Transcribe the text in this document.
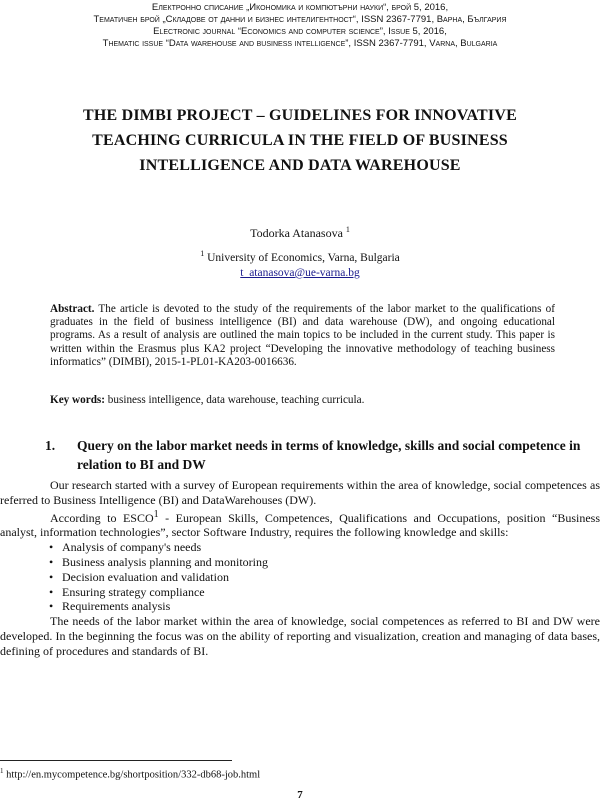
Електронно списание „Икономика и компютърни науки“, брой 5, 2016,
Тематичен брой „Складове от данни и бизнес интелигентност“, ISSN 2367-7791, Варна, България
Electronic journal “Economics and computer science”, Issue 5, 2016,
Thematic issue “Data warehouse and business intelligence”, ISSN 2367-7791, Varna, Bulgaria
THE DIMBI PROJECT – GUIDELINES FOR INNOVATIVE TEACHING CURRICULA IN THE FIELD OF BUSINESS INTELLIGENCE AND DATA WAREHOUSE
Todorka Atanasova $^1$
$^1$ University of Economics, Varna, Bulgaria
t_atanasova@ue-varna.bg
Abstract. The article is devoted to the study of the requirements of the labor market to the qualifications of graduates in the field of business intelligence (BI) and data warehouse (DW), and ongoing educational programs. As a result of analysis are outlined the main topics to be included in the current study. This paper is written within the Erasmus plus KA2 project “Developing the innovative methodology of teaching business informatics” (DIMBI), 2015-1-PL01-KA203-0016636.
Key words: business intelligence, data warehouse, teaching curricula.
1. Query on the labor market needs in terms of knowledge, skills and social competence in relation to BI and DW

Our research started with a survey of European requirements within the area of knowledge, social competences as referred to Business Intelligence (BI) and DataWarehouses (DW).

According to ESCO$^1$ - European Skills, Competences, Qualifications and Occupations, position “Business analyst, information technologies”, sector Software Industry, requires the following knowledge and skills:

• Analysis of company's needs
• Business analysis planning and monitoring
• Decision evaluation and validation
• Ensuring strategy compliance
• Requirements analysis

The needs of the labor market within the area of knowledge, social competences as referred to BI and DW were developed. In the beginning the focus was on the ability of reporting and visualization, creation and managing of data bases, defining of procedures and standards of BI.

$^1$ http://en.mycompetence.bg/shortposition/332-db68-job.html
7
